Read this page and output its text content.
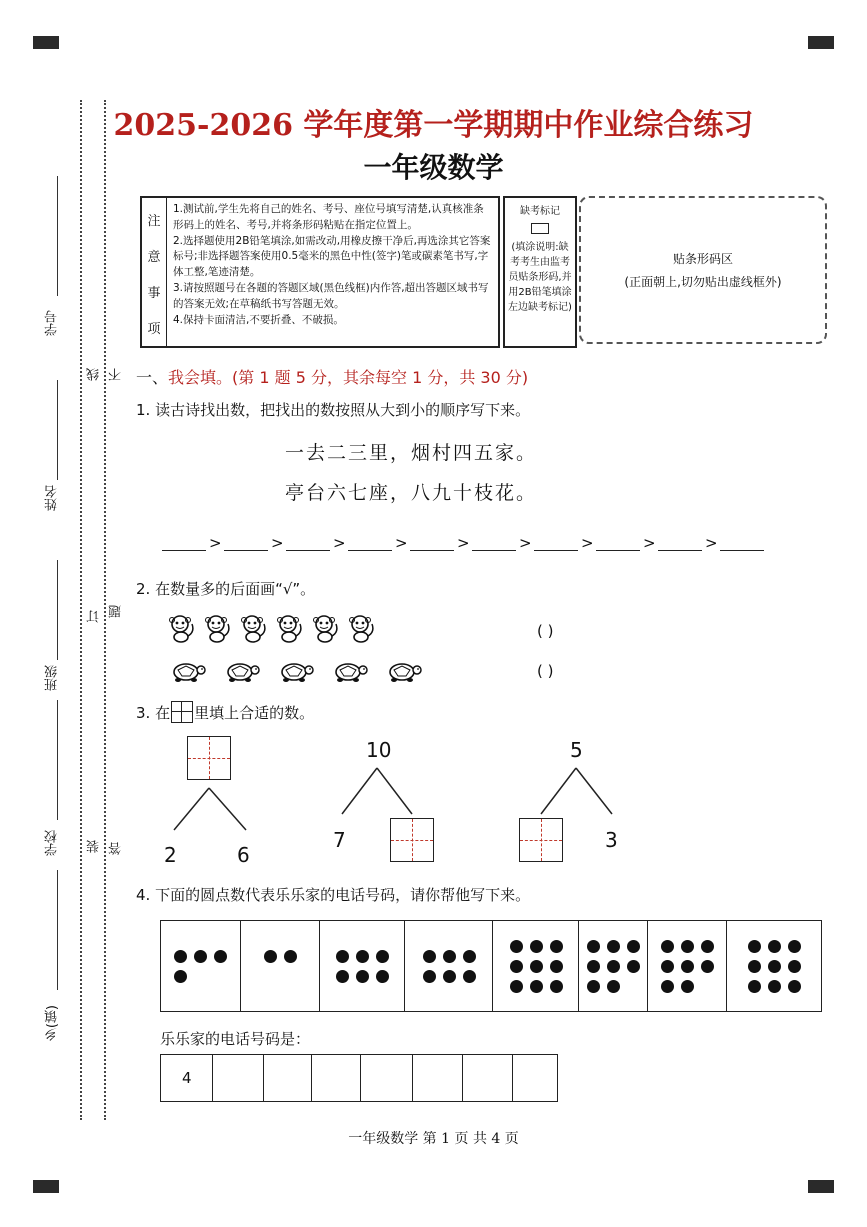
学号
姓名
班级
学校
乡(镇)
线
订
装
不
题
答
2025-2026 学年度第一学期期中作业综合练习
一年级数学
注
意
事
项
1.测试前,学生先将自己的姓名、考号、座位号填写清楚,认真核准条形码上的姓名、考号,并将条形码粘贴在指定位置上。
2.选择题使用2B铅笔填涂,如需改动,用橡皮擦干净后,再选涂其它答案标号;非选择题答案使用0.5毫米的黑色中性(签字)笔或碳素笔书写,字体工整,笔迹清楚。
3.请按照题号在各题的答题区域(黑色线框)内作答,超出答题区域书写的答案无效;在草稿纸书写答题无效。
4.保持卡面清洁,不要折叠、不破损。
缺考标记
(填涂说明:缺考考生由监考员贴条形码,并用2B铅笔填涂左边缺考标记)
贴条形码区
(正面朝上,切勿贴出虚线框外)
一、我会填。(第 1 题 5 分，其余每空 1 分，共 30 分)
1. 读古诗找出数，把找出的数按照从大到小的顺序写下来。
一去二三里，烟村四五家。
亭台六七座，八九十枝花。
>	>	>	>	>	>	>	>	>
2. 在数量多的后面画“√”。
( )
( )
3. 在 里填上合适的数。
2	6
10
7
5
3
4. 下面的圆点数代表乐乐家的电话号码，请你帮他写下来。
乐乐家的电话号码是：
4
一年级数学 第 1 页 共 4 页
